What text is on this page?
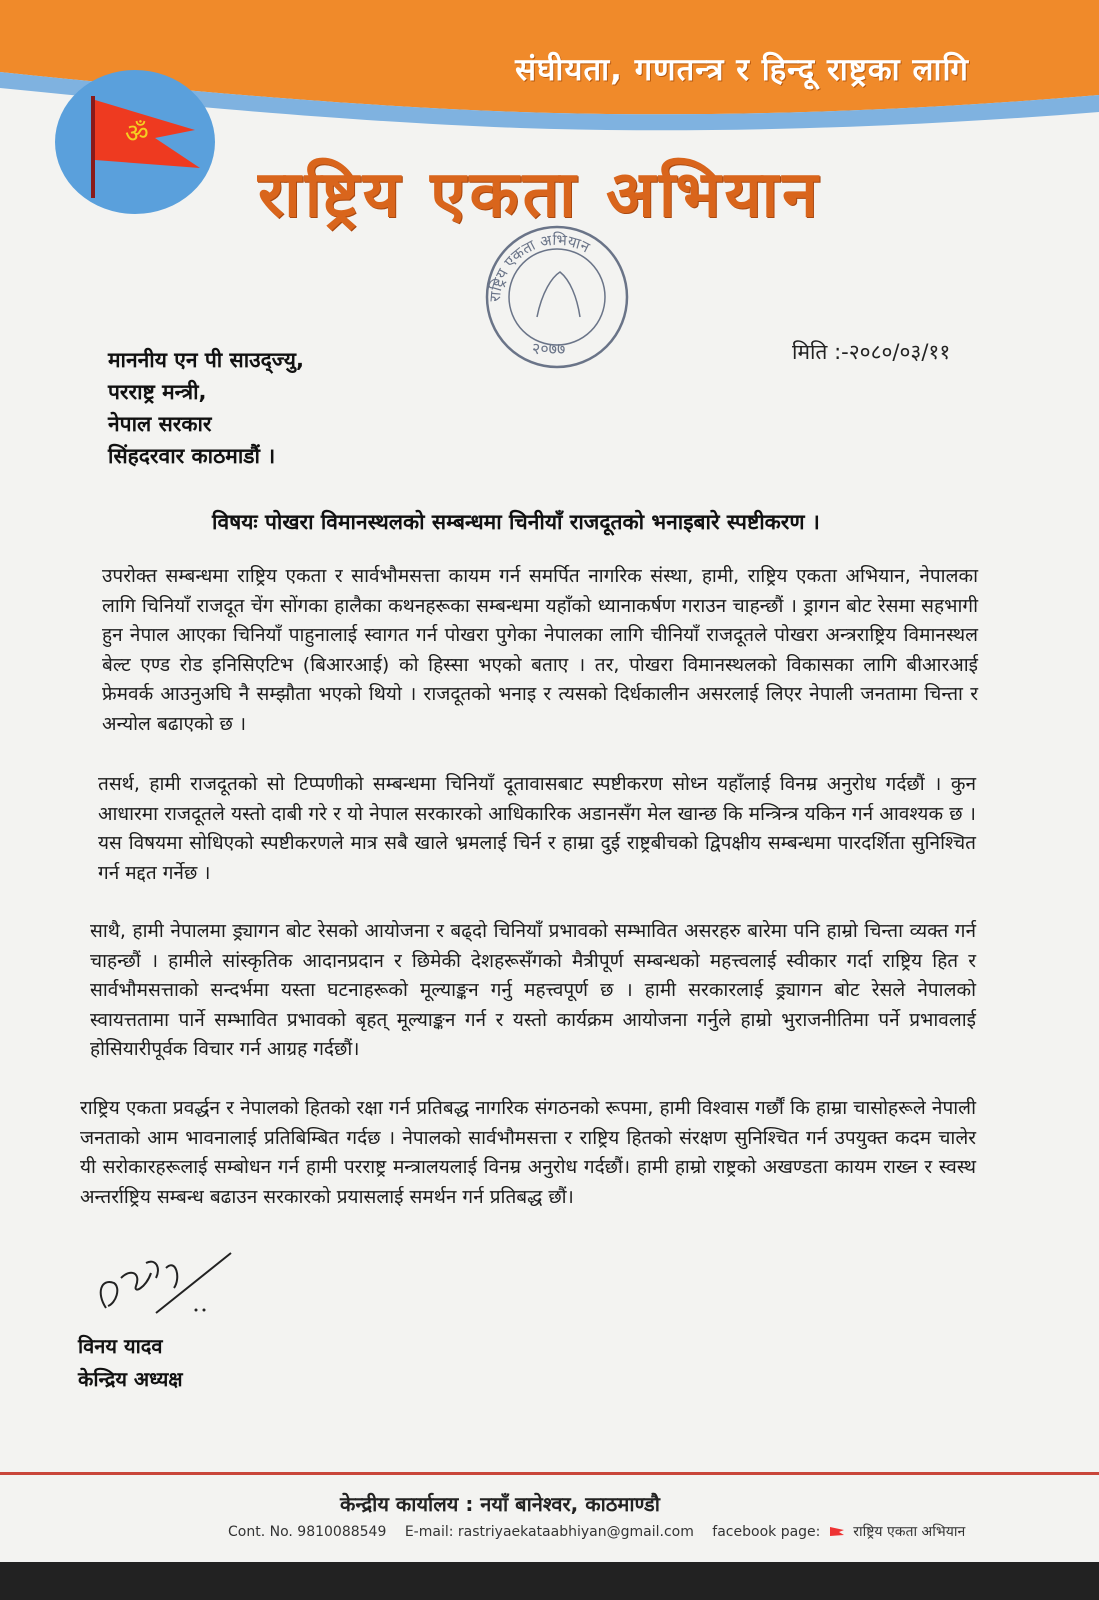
संघीयता, गणतन्त्र र हिन्दू राष्ट्रका लागि
ॐ
राष्ट्रिय एकता अभियान
राष्ट्रिय एकता अभियान
२०७७	मिति :-२०८०/०३/११
माननीय एन पी साउद्ज्यु,
परराष्ट्र मन्त्री,
नेपाल सरकार
सिंहदरवार काठमाडौं ।
विषयः पोखरा विमानस्थलको सम्बन्धमा चिनीयाँ राजदूतको भनाइबारे स्पष्टीकरण ।
उपरोक्त सम्बन्धमा राष्ट्रिय एकता र सार्वभौमसत्ता कायम गर्न समर्पित नागरिक संस्था, हामी, राष्ट्रिय एकता अभियान, नेपालका लागि चिनियाँ राजदूत चेंग सोंगका हालैका कथनहरूका सम्बन्धमा यहाँको ध्यानाकर्षण गराउन चाहन्छौं । ड्रागन बोट रेसमा सहभागी हुन नेपाल आएका चिनियाँ पाहुनालाई स्वागत गर्न पोखरा पुगेका नेपालका लागि चीनियाँ राजदूतले पोखरा अन्त्रराष्ट्रिय विमानस्थल बेल्ट एण्ड रोड इनिसिएटिभ (बिआरआई) को हिस्सा भएको बताए । तर, पोखरा विमानस्थलको विकासका लागि बीआरआई फ्रेमवर्क आउनुअघि नै सम्झौता भएको थियो । राजदूतको भनाइ र त्यसको दिर्धकालीन असरलाई लिएर नेपाली जनतामा चिन्ता र अन्योल बढाएको छ ।
तसर्थ, हामी राजदूतको सो टिप्पणीको सम्बन्धमा चिनियाँ दूतावासबाट स्पष्टीकरण सोध्न यहाँलाई विनम्र अनुरोध गर्दछौं । कुन आधारमा राजदूतले यस्तो दाबी गरे र यो नेपाल सरकारको आधिकारिक अडानसँग मेल खान्छ कि मन्त्रिन्त्र यकिन गर्न आवश्यक छ । यस विषयमा सोधिएको स्पष्टीकरणले मात्र सबै खाले भ्रमलाई चिर्न र हाम्रा दुई राष्ट्रबीचको द्विपक्षीय सम्बन्धमा पारदर्शिता सुनिश्चित गर्न मद्दत गर्नेछ ।
साथै, हामी नेपालमा ड्र्यागन बोट रेसको आयोजना र बढ्दो चिनियाँ प्रभावको सम्भावित असरहरु बारेमा पनि हाम्रो चिन्ता व्यक्त गर्न चाहन्छौं । हामीले सांस्कृतिक आदानप्रदान र छिमेकी देशहरूसँगको मैत्रीपूर्ण सम्बन्धको महत्त्वलाई स्वीकार गर्दा राष्ट्रिय हित र सार्वभौमसत्ताको सन्दर्भमा यस्ता घटनाहरूको मूल्याङ्कन गर्नु महत्त्वपूर्ण छ । हामी सरकारलाई ड्र्यागन बोट रेसले नेपालको स्वायत्ततामा पार्ने सम्भावित प्रभावको बृहत् मूल्याङ्कन गर्न र यस्तो कार्यक्रम आयोजना गर्नुले हाम्रो भुराजनीतिमा पर्ने प्रभावलाई होसियारीपूर्वक विचार गर्न आग्रह गर्दछौं।
राष्ट्रिय एकता प्रवर्द्धन र नेपालको हितको रक्षा गर्न प्रतिबद्ध नागरिक संगठनको रूपमा, हामी विश्वास गर्छौं कि हाम्रा चासोहरूले नेपाली जनताको आम भावनालाई प्रतिबिम्बित गर्दछ । नेपालको सार्वभौमसत्ता र राष्ट्रिय हितको संरक्षण सुनिश्चित गर्न उपयुक्त कदम चालेर यी सरोकारहरूलाई सम्बोधन गर्न हामी परराष्ट्र मन्त्रालयलाई विनम्र अनुरोध गर्दछौं। हामी हाम्रो राष्ट्रको अखण्डता कायम राख्न र स्वस्थ अन्तर्राष्ट्रिय सम्बन्ध बढाउन सरकारको प्रयासलाई समर्थन गर्न प्रतिबद्ध छौं।
विनय यादव
केन्द्रिय अध्यक्ष
केन्द्रीय कार्यालय : नयाँ बानेश्वर, काठमाण्डौ
Cont. No. 9810088549 E-mail: rastriyaekataabhiyan@gmail.com facebook page: राष्ट्रिय एकता अभियान
